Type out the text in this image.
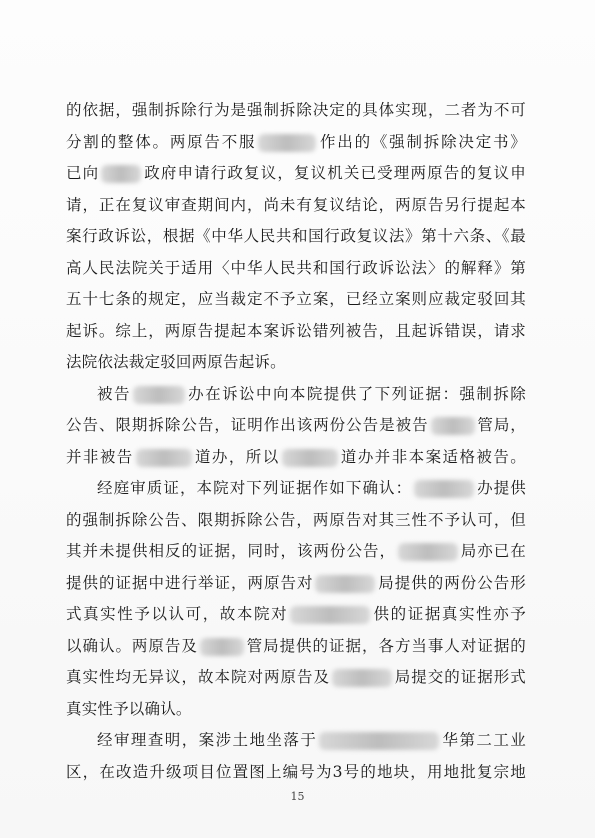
的依据，强制拆除行为是强制拆除决定的具体实现，二者为不可
分割的整体。两原告不服	作出的《强制拆除决定书》
已向	政府申请行政复议，复议机关已受理两原告的复议申
请，正在复议审查期间内，尚未有复议结论，两原告另行提起本
案行政诉讼，根据《中华人民共和国行政复议法》第十六条、《最
高人民法院关于适用〈中华人民共和国行政诉讼法〉的解释》第
五十七条的规定，应当裁定不予立案，已经立案则应裁定驳回其
起诉。综上，两原告提起本案诉讼错列被告，且起诉错误，请求
法院依法裁定驳回两原告起诉。
被告	办在诉讼中向本院提供了下列证据：强制拆除
公告、限期拆除公告，证明作出该两份公告是被告	管局，
并非被告	道办，所以	道办并非本案适格被告。
经庭审质证，本院对下列证据作如下确认：	办提供
的强制拆除公告、限期拆除公告，两原告对其三性不予认可，但
其并未提供相反的证据，同时，该两份公告，	局亦已在
提供的证据中进行举证，两原告对	局提供的两份公告形
式真实性予以认可，故本院对	供的证据真实性亦予
以确认。两原告及	管局提供的证据，各方当事人对证据的
真实性均无异议，故本院对两原告及	局提交的证据形式
真实性予以确认。
经审理查明，案涉土地坐落于	华第二工业
区，在改造升级项目位置图上编号为3号的地块，用地批复宗地
15
